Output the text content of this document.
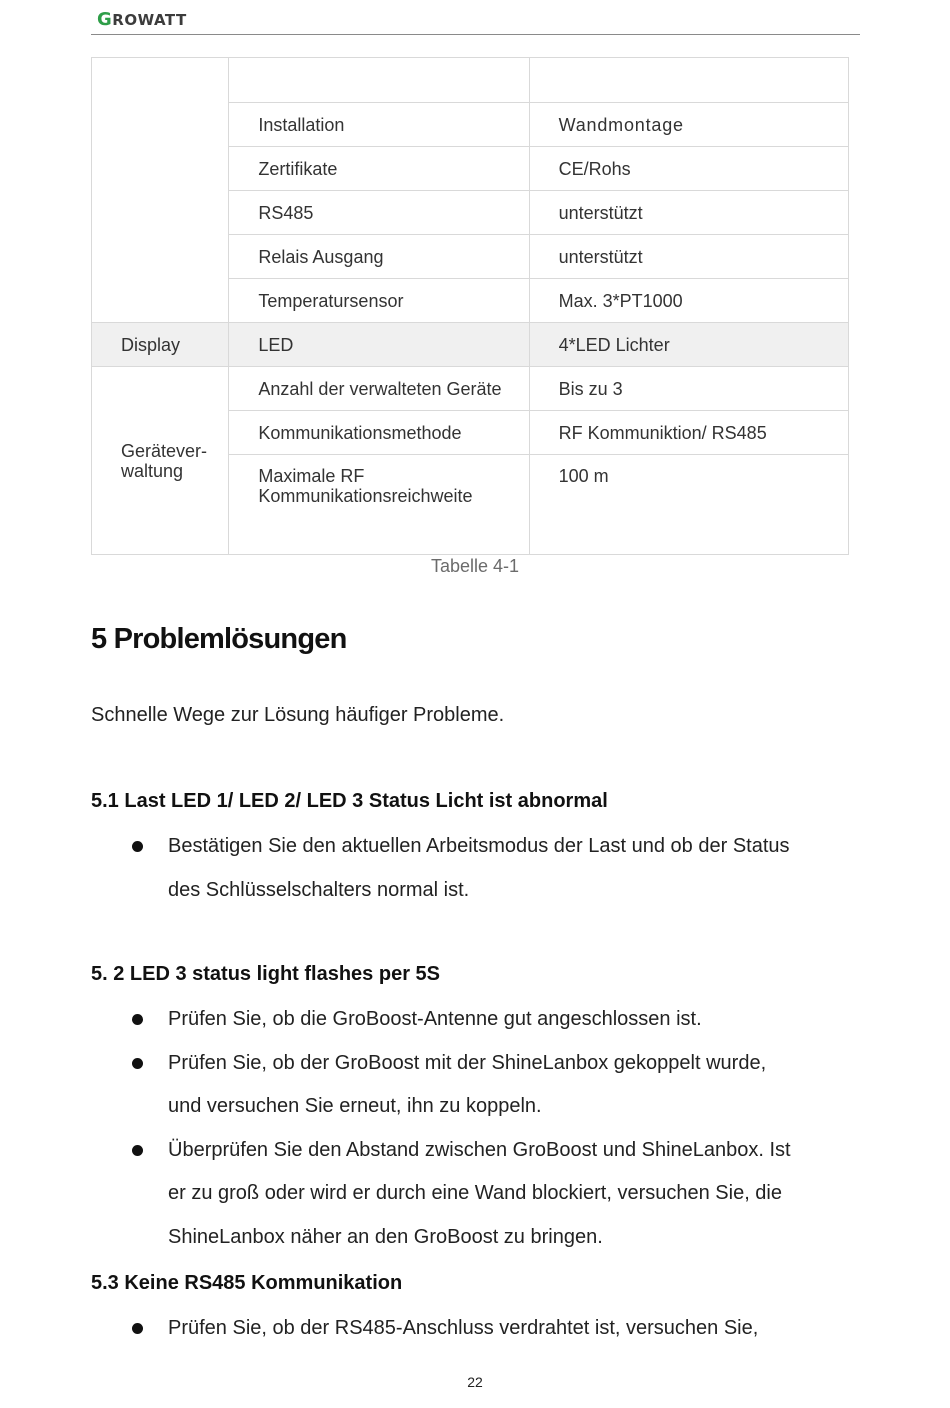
GROWATT

	Installation	Wandmontage
	Zertifikate	CE/Rohs
	RS485	unterstützt
	Relais Ausgang	unterstützt
	Temperatursensor	Max. 3*PT1000
Display	LED	4*LED Lichter
Gerätever-
waltung	Anzahl der verwalteten Geräte	Bis zu 3
	Kommunikationsmethode	RF Kommuniktion/ RS485
	Maximale RF
Kommunikationsreichweite	100 m
Tabelle 4-1
5 Problemlösungen

Schnelle Wege zur Lösung häufiger Probleme.

5.1 Last LED 1/ LED 2/ LED 3 Status Licht ist abnormal
Bestätigen Sie den aktuellen Arbeitsmodus der Last und ob der Status
des Schlüsselschalters normal ist.
5. 2 LED 3 status light flashes per 5S
Prüfen Sie, ob die GroBoost-Antenne gut angeschlossen ist.
Prüfen Sie, ob der GroBoost mit der ShineLanbox gekoppelt wurde,
und versuchen Sie erneut, ihn zu koppeln.
Überprüfen Sie den Abstand zwischen GroBoost und ShineLanbox. Ist
er zu groß oder wird er durch eine Wand blockiert, versuchen Sie, die
ShineLanbox näher an den GroBoost zu bringen.
5.3 Keine RS485 Kommunikation
Prüfen Sie, ob der RS485-Anschluss verdrahtet ist, versuchen Sie,
22
